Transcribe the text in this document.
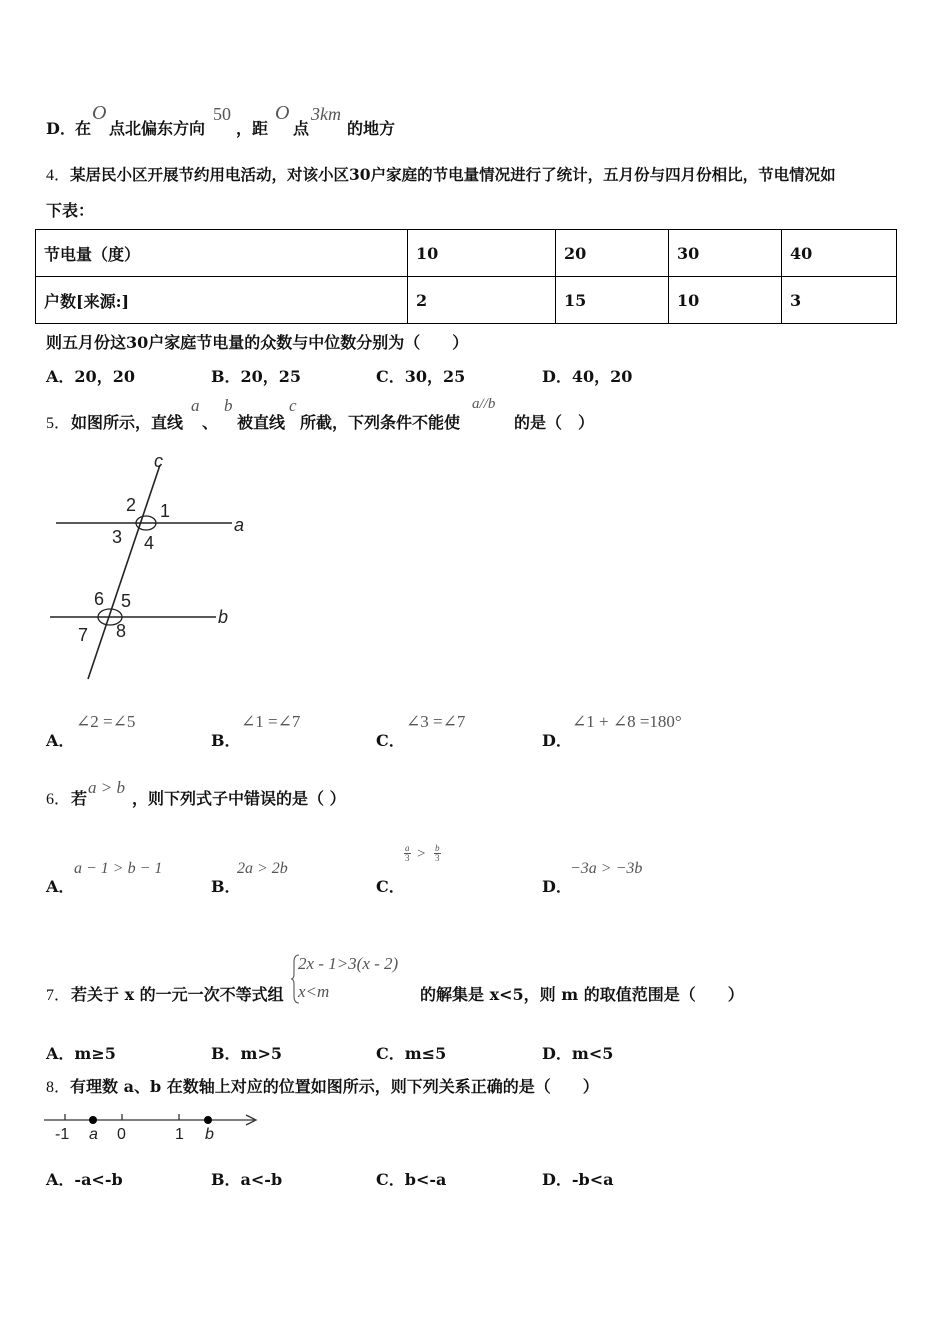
D． 在
O
点北偏东方向
50
，距
O
点
3km
的地方
4．某居民小区开展节约用电活动，对该小区30户家庭的节电量情况进行了统计，五月份与四月份相比，节电情况如
下表：
节电量（度）	10	20	30	40
户数[来源:]	2	15	10	3
则五月份这30户家庭节电量的众数与中位数分别为（　　）
A．20，20	B．20，25	C．30，25	D．40，20
5． 如图所示，直线
a
、
b
被直线
c
所截，下列条件不能使
a//b
的是（　）
c
a
b
1
2
3 4
5
6
7 8
A．
∠2 =∠5
B．
∠1 =∠7
C．
∠3 =∠7
D．
∠1 + ∠8 =180°
6． 若
a > b
，则下列式子中错误的是（ ）
A．
a − 1 > b − 1
B．
2a > 2b
C．
$\frac{a}{3} > \frac{b}{3}$
D．
−3a > −3b
7． 若关于 x 的一元一次不等式组
2x - 1>3(x - 2)
x<m	的解集是 x<5，则 m 的取值范围是（　　）
A．m≥5	B．m>5	C．m≤5	D．m<5
8．有理数 a、b 在数轴上对应的位置如图所示，则下列关系正确的是（　　）
-1 a 0	1 b
A．-a<-b	B．a<-b	C．b<-a	D．-b<a
